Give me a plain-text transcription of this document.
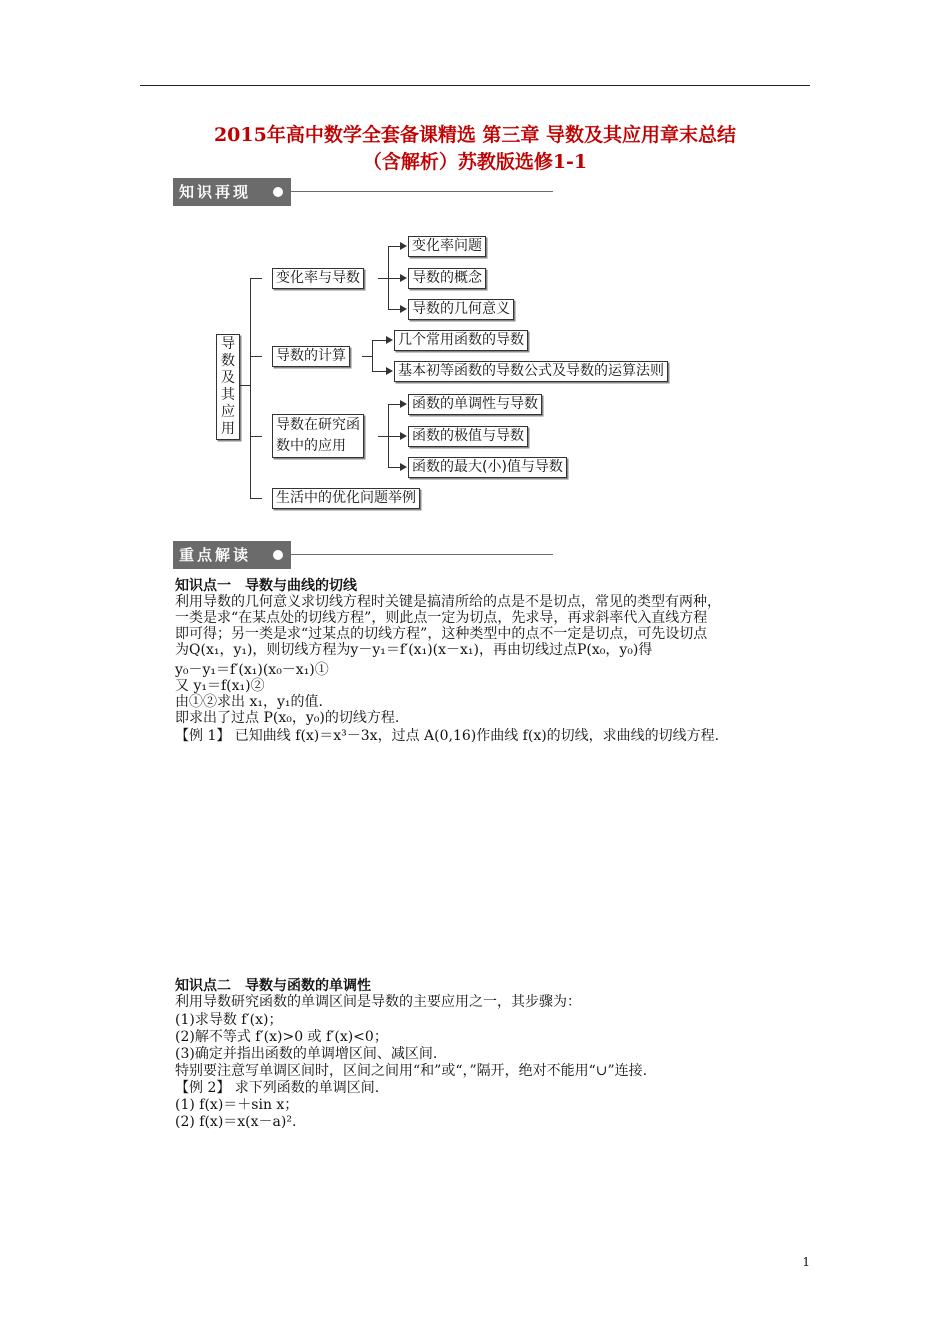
2015年高中数学全套备课精选 第三章 导数及其应用章末总结
（含解析）苏教版选修1-1
知识再现
导数及其应用
变化率与导数
变化率问题
导数的概念
导数的几何意义
导数的计算
几个常用函数的导数
基本初等函数的导数公式及导数的运算法则
导数在研究函
数中的应用
函数的单调性与导数
函数的极值与导数
函数的最大(小)值与导数
生活中的优化问题举例
重点解读
知识点一　导数与曲线的切线
利用导数的几何意义求切线方程时关键是搞清所给的点是不是切点，常见的类型有两种，
一类是求“在某点处的切线方程”，则此点一定为切点，先求导，再求斜率代入直线方程
即可得；另一类是求“过某点的切线方程”，这种类型中的点不一定是切点，可先设切点
为Q(x₁，y₁)，则切线方程为y－y₁＝f′(x₁)(x－x₁)，再由切线过点P(x₀，y₀)得
y₀－y₁＝f′(x₁)(x₀－x₁)①
又 y₁＝f(x₁)②
由①②求出 x₁，y₁的值.
即求出了过点 P(x₀，y₀)的切线方程.
【例 1】 已知曲线 f(x)＝x³－3x，过点 A(0,16)作曲线 f(x)的切线，求曲线的切线方程.
知识点二　导数与函数的单调性
利用导数研究函数的单调区间是导数的主要应用之一，其步骤为：
(1)求导数 f′(x)；
(2)解不等式 f′(x)>0 或 f′(x)<0；
(3)确定并指出函数的单调增区间、减区间.
特别要注意写单调区间时，区间之间用“和”或“，”隔开，绝对不能用“∪”连接.
【例 2】 求下列函数的单调区间.
(1) f(x)＝＋sin x；
(2) f(x)＝x(x－a)².
1
